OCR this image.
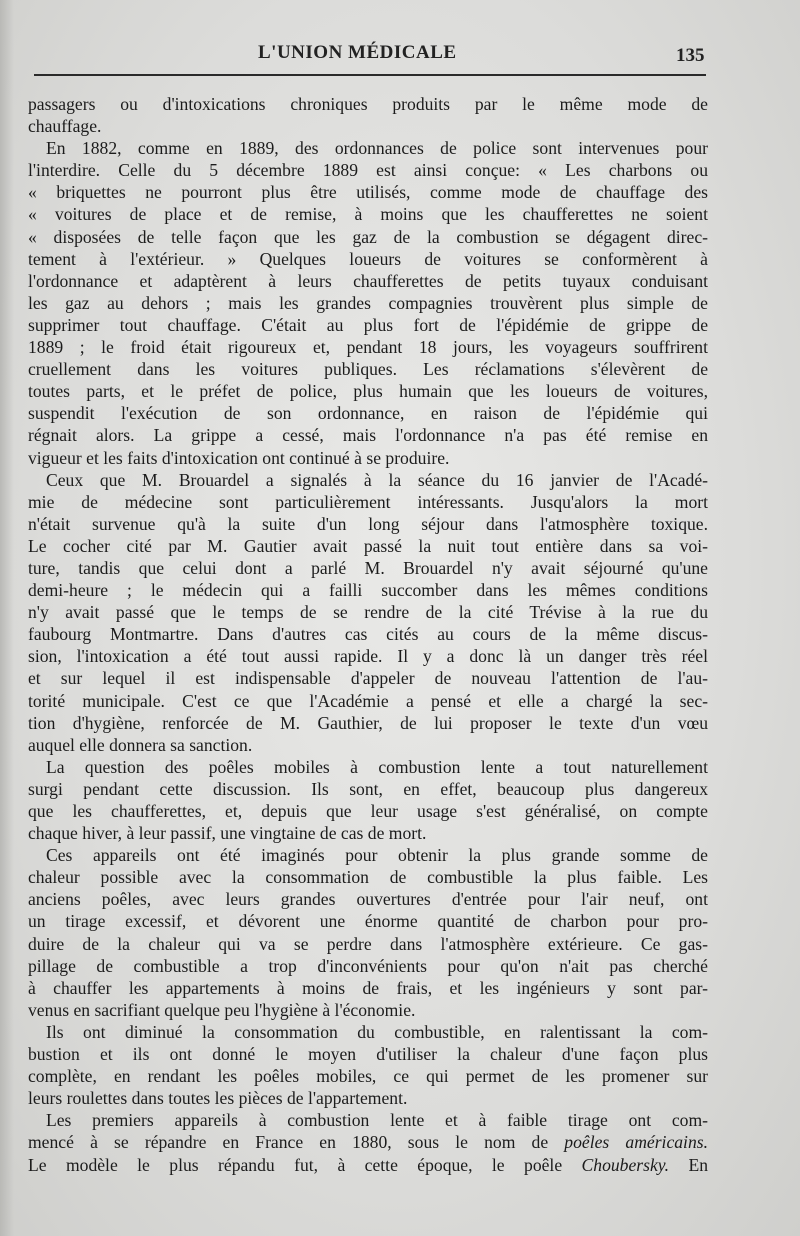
L'UNION MÉDICALE	135
passagers ou d'intoxications chroniques produits par le même mode de
chauffage.
En 1882, comme en 1889, des ordonnances de police sont intervenues pour
l'interdire. Celle du 5 décembre 1889 est ainsi conçue: « Les charbons ou
« briquettes ne pourront plus être utilisés, comme mode de chauffage des
« voitures de place et de remise, à moins que les chaufferettes ne soient
« disposées de telle façon que les gaz de la combustion se dégagent direc-
tement à l'extérieur. » Quelques loueurs de voitures se conformèrent à
l'ordonnance et adaptèrent à leurs chaufferettes de petits tuyaux conduisant
les gaz au dehors ; mais les grandes compagnies trouvèrent plus simple de
supprimer tout chauffage. C'était au plus fort de l'épidémie de grippe de
1889 ; le froid était rigoureux et, pendant 18 jours, les voyageurs souffrirent
cruellement dans les voitures publiques. Les réclamations s'élevèrent de
toutes parts, et le préfet de police, plus humain que les loueurs de voitures,
suspendit l'exécution de son ordonnance, en raison de l'épidémie qui
régnait alors. La grippe a cessé, mais l'ordonnance n'a pas été remise en
vigueur et les faits d'intoxication ont continué à se produire.
Ceux que M. Brouardel a signalés à la séance du 16 janvier de l'Acadé-
mie de médecine sont particulièrement intéressants. Jusqu'alors la mort
n'était survenue qu'à la suite d'un long séjour dans l'atmosphère toxique.
Le cocher cité par M. Gautier avait passé la nuit tout entière dans sa voi-
ture, tandis que celui dont a parlé M. Brouardel n'y avait séjourné qu'une
demi-heure ; le médecin qui a failli succomber dans les mêmes conditions
n'y avait passé que le temps de se rendre de la cité Trévise à la rue du
faubourg Montmartre. Dans d'autres cas cités au cours de la même discus-
sion, l'intoxication a été tout aussi rapide. Il y a donc là un danger très réel
et sur lequel il est indispensable d'appeler de nouveau l'attention de l'au-
torité municipale. C'est ce que l'Académie a pensé et elle a chargé la sec-
tion d'hygiène, renforcée de M. Gauthier, de lui proposer le texte d'un vœu
auquel elle donnera sa sanction.
La question des poêles mobiles à combustion lente a tout naturellement
surgi pendant cette discussion. Ils sont, en effet, beaucoup plus dangereux
que les chaufferettes, et, depuis que leur usage s'est généralisé, on compte
chaque hiver, à leur passif, une vingtaine de cas de mort.
Ces appareils ont été imaginés pour obtenir la plus grande somme de
chaleur possible avec la consommation de combustible la plus faible. Les
anciens poêles, avec leurs grandes ouvertures d'entrée pour l'air neuf, ont
un tirage excessif, et dévorent une énorme quantité de charbon pour pro-
duire de la chaleur qui va se perdre dans l'atmosphère extérieure. Ce gas-
pillage de combustible a trop d'inconvénients pour qu'on n'ait pas cherché
à chauffer les appartements à moins de frais, et les ingénieurs y sont par-
venus en sacrifiant quelque peu l'hygiène à l'économie.
Ils ont diminué la consommation du combustible, en ralentissant la com-
bustion et ils ont donné le moyen d'utiliser la chaleur d'une façon plus
complète, en rendant les poêles mobiles, ce qui permet de les promener sur
leurs roulettes dans toutes les pièces de l'appartement.
Les premiers appareils à combustion lente et à faible tirage ont com-
mencé à se répandre en France en 1880, sous le nom de poêles américains.
Le modèle le plus répandu fut, à cette époque, le poêle Choubersky. En
